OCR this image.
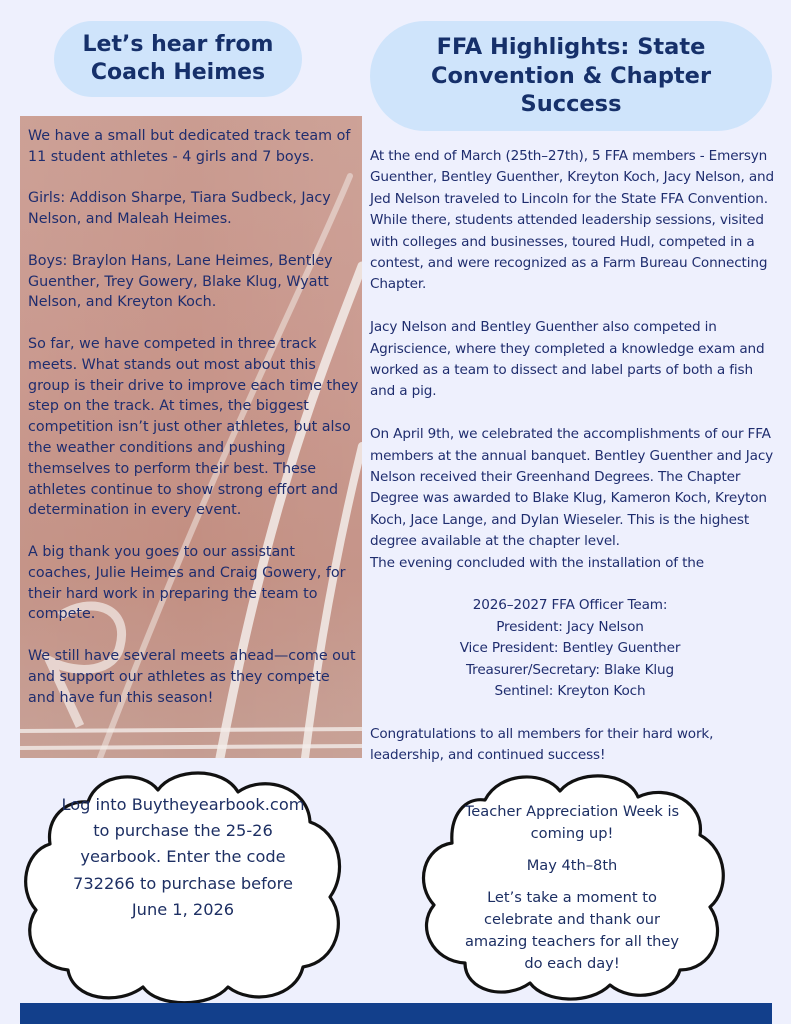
Let’s hear from
Coach Heimes
FFA Highlights: State
Convention & Chapter
Success

We have a small but dedicated track team of 11 student athletes - 4 girls and 7 boys.

Girls: Addison Sharpe, Tiara Sudbeck, Jacy Nelson, and Maleah Heimes.

Boys: Braylon Hans, Lane Heimes, Bentley Guenther, Trey Gowery, Blake Klug, Wyatt Nelson, and Kreyton Koch.

So far, we have competed in three track meets. What stands out most about this group is their drive to improve each time they step on the track. At times, the biggest competition isn’t just other athletes, but also the weather conditions and pushing themselves to perform their best. These athletes continue to show strong effort and determination in every event.

A big thank you goes to our assistant coaches, Julie Heimes and Craig Gowery, for their hard work in preparing the team to compete.

We still have several meets ahead—come out and support our athletes as they compete and have fun this season!

At the end of March (25th–27th), 5 FFA members - Emersyn Guenther, Bentley Guenther, Kreyton Koch, Jacy Nelson, and Jed Nelson traveled to Lincoln for the State FFA Convention. While there, students attended leadership sessions, visited with colleges and businesses, toured Hudl, competed in a contest, and were recognized as a Farm Bureau Connecting Chapter.

Jacy Nelson and Bentley Guenther also competed in Agriscience, where they completed a knowledge exam and worked as a team to dissect and label parts of both a fish and a pig.

On April 9th, we celebrated the accomplishments of our FFA members at the annual banquet. Bentley Guenther and Jacy Nelson received their Greenhand Degrees. The Chapter Degree was awarded to Blake Klug, Kameron Koch, Kreyton Koch, Jace Lange, and Dylan Wieseler. This is the highest degree available at the chapter level.
The evening concluded with the installation of the

2026–2027 FFA Officer Team:
President: Jacy Nelson
Vice President: Bentley Guenther
Treasurer/Secretary: Blake Klug
Sentinel: Kreyton Koch

Congratulations to all members for their hard work, leadership, and continued success!

Log into Buytheyearbook.com to purchase the 25-26 yearbook. Enter the code 732266 to purchase before June 1, 2026

Teacher Appreciation Week is coming up!

May 4th–8th

Let’s take a moment to celebrate and thank our amazing teachers for all they do each day!
